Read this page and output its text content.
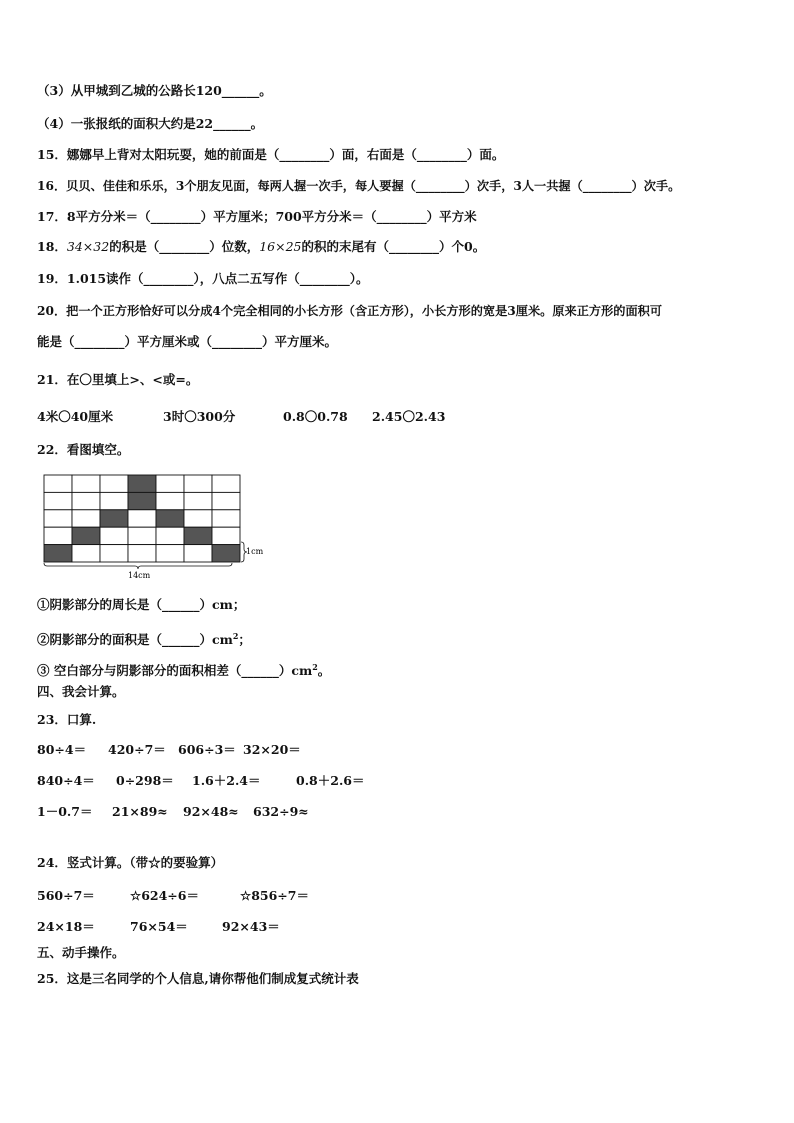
（3）从甲城到乙城的公路长120______。
（4）一张报纸的面积大约是22______。
15．娜娜早上背对太阳玩耍，她的前面是（________）面，右面是（________）面。
16．贝贝、佳佳和乐乐，3个朋友见面，每两人握一次手，每人要握（________）次手，3人一共握（________）次手。
17．8平方分米＝（________）平方厘米；700平方分米＝（________）平方米
18．34×32的积是（________）位数，16×25的积的末尾有（________）个0。
19．1.015读作（________），八点二五写作（________）。
20．把一个正方形恰好可以分成4个完全相同的小长方形（含正方形），小长方形的宽是3厘米。原来正方形的面积可
能是（________）平方厘米或（________）平方厘米。
21．在〇里填上>、<或=。
4米〇40厘米	3时〇300分	0.8〇0.78 2.45〇2.43
22．看图填空。
1cm
14cm
①阴影部分的周长是（______）cm；
②阴影部分的面积是$(\_\_\_\_\_\_)cm^2$；
③ 空白部分与阴影部分的面积相差$(\_\_\_\_\_\_)cm^2$。
四、我会计算。
23．口算.
80÷4＝ 420÷7＝ 606÷3＝ 32×20＝
840÷4＝ 0÷298＝ 1.6＋2.4＝	0.8＋2.6＝
1－0.7＝ 21×89≈ 92×48≈ 632÷9≈
24．竖式计算。（带☆的要验算）
560÷7＝	☆624÷6＝	☆856÷7＝
24×18＝	76×54＝	92×43＝
五、动手操作。
25．这是三名同学的个人信息,请你帮他们制成复式统计表
